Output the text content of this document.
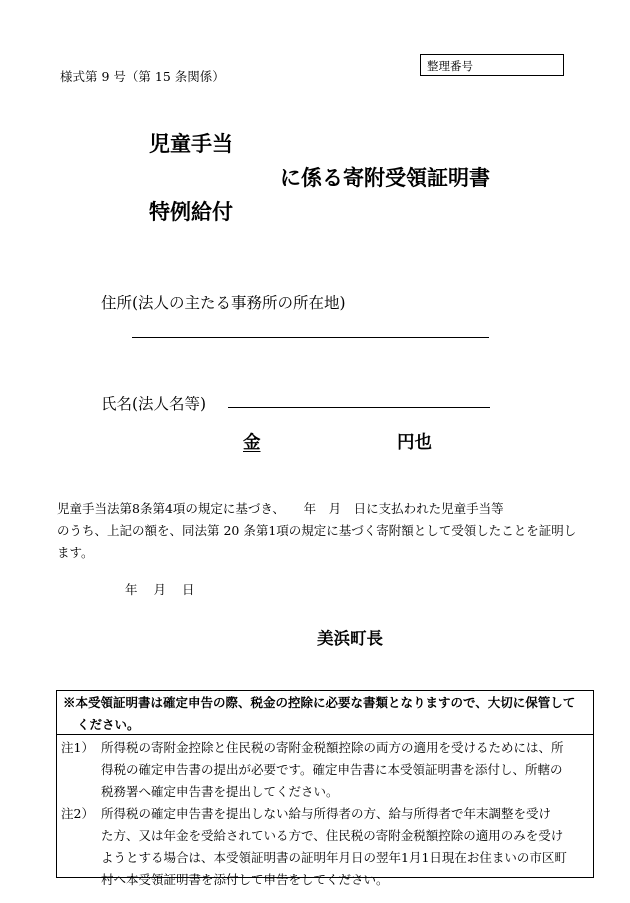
様式第 9 号（第 15 条関係）
整理番号
児童手当
に係る寄附受領証明書
特例給付
住所(法人の主たる事務所の所在地)
氏名(法人名等)
金	円也

児童手当法第8条第4項の規定に基づき、　　年　月　日に支払われた児童手当等

のうち、上記の額を、同法第 20 条第1項の規定に基づく寄附額として受領したことを証明し

ます。

年 月 日
美浜町長
※本受領証明書は確定申告の際、税金の控除に必要な書類となりますので、大切に保管して
ください。
注1） 所得税の寄附金控除と住民税の寄附金税額控除の両方の適用を受けるためには、所
得税の確定申告書の提出が必要です。確定申告書に本受領証明書を添付し、所轄の
税務署へ確定申告書を提出してください。
注2） 所得税の確定申告書を提出しない給与所得者の方、給与所得者で年末調整を受け
た方、又は年金を受給されている方で、住民税の寄附金税額控除の適用のみを受け
ようとする場合は、本受領証明書の証明年月日の翌年1月1日現在お住まいの市区町
村へ本受領証明書を添付して申告をしてください。
